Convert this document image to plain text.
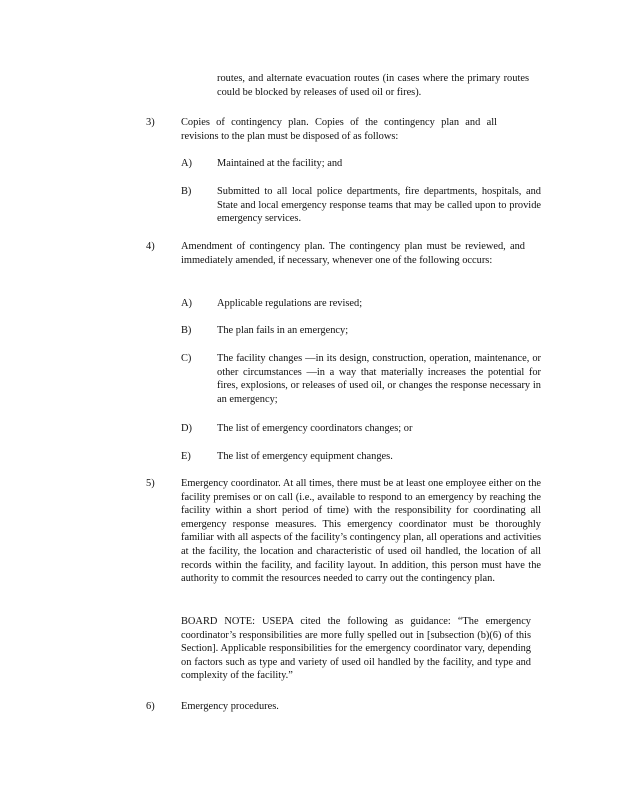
routes, and alternate evacuation routes (in cases where the primary routes could be blocked by releases of used oil or fires).

3)	Copies of contingency plan. Copies of the contingency plan and all revisions to the plan must be disposed of as follows:

A) Maintained at the facility; and

B) Submitted to all local police departments, fire departments, hospitals, and State and local emergency response teams that may be called upon to provide emergency services.

4)	Amendment of contingency plan. The contingency plan must be reviewed, and immediately amended, if necessary, whenever one of the following occurs:

A) Applicable regulations are revised;

B) The plan fails in an emergency;

C) The facility changes —in its design, construction, operation, maintenance, or other circumstances —in a way that materially increases the potential for fires, explosions, or releases of used oil, or changes the response necessary in an emergency;

D) The list of emergency coordinators changes; or

E)	The list of emergency equipment changes.

5)	Emergency coordinator. At all times, there must be at least one employee either on the facility premises or on call (i.e., available to respond to an emergency by reaching the facility within a short period of time) with the responsibility for coordinating all emergency response measures. This emergency coordinator must be thoroughly familiar with all aspects of the facility’s contingency plan, all operations and activities at the facility, the location and characteristic of used oil handled, the location of all records within the facility, and facility layout. In addition, this person must have the authority to commit the resources needed to carry out the contingency plan.

BOARD NOTE: USEPA cited the following as guidance: “The emergency coordinator’s responsibilities are more fully spelled out in [subsection (b)(6) of this Section]. Applicable responsibilities for the emergency coordinator vary, depending on factors such as type and variety of used oil handled by the facility, and type and complexity of the facility.”

6)	Emergency procedures.
